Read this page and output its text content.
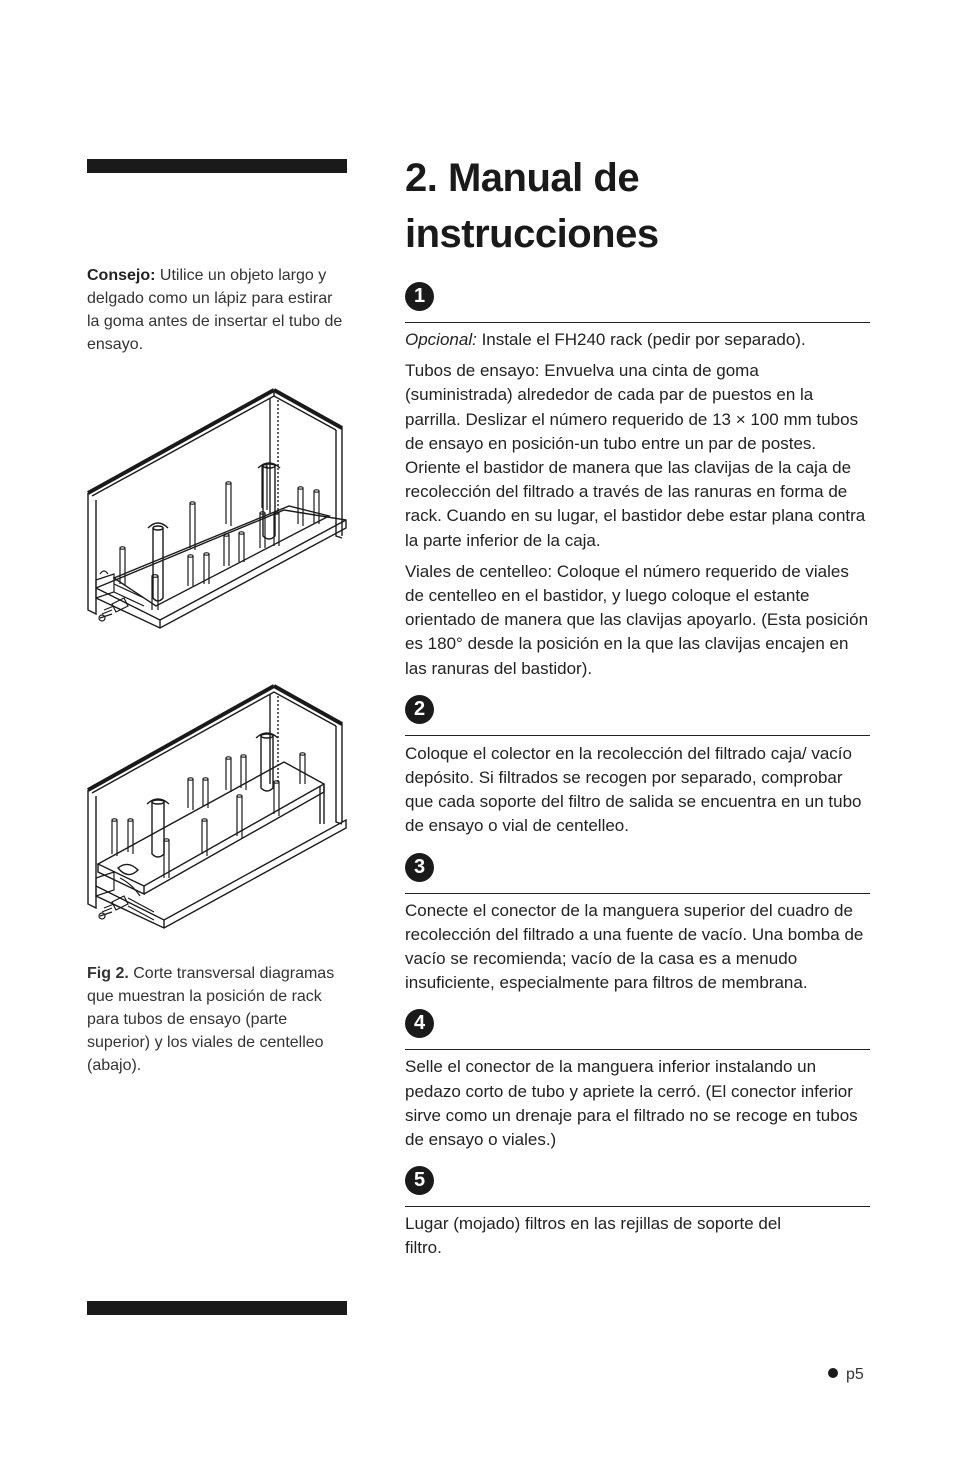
Consejo: Utilice un objeto largo y delgado como un lápiz para estirar la goma antes de insertar el tubo de ensayo.
Fig 2. Corte transversal diagramas que muestran la posición de rack para tubos de ensayo (parte superior) y los viales de centelleo (abajo).
2. Manual de instrucciones
1

Opcional: Instale el FH240 rack (pedir por separado).

Tubos de ensayo: Envuelva una cinta de goma (suministrada) alrededor de cada par de puestos en la parrilla. Deslizar el número requerido de 13 × 100 mm tubos de ensayo en posición-un tubo entre un par de postes. Oriente el bastidor de manera que las clavijas de la caja de recolección del filtrado a través de las ranuras en forma de rack. Cuando en su lugar, el bastidor debe estar plana contra la parte inferior de la caja.

Viales de centelleo: Coloque el número requerido de viales de centelleo en el bastidor, y luego coloque el estante orientado de manera que las clavijas apoyarlo. (Esta posición es 180° desde la posición en la que las clavijas encajen en las ranuras del bastidor).

2

Coloque el colector en la recolección del filtrado caja/ vacío depósito. Si filtrados se recogen por separado, comprobar que cada soporte del filtro de salida se encuentra en un tubo de ensayo o vial de centelleo.

3

Conecte el conector de la manguera superior del cuadro de recolección del filtrado a una fuente de vacío. Una bomba de vacío se recomienda; vacío de la casa es a menudo insuficiente, especialmente para filtros de membrana.

4

Selle el conector de la manguera inferior instalando un pedazo corto de tubo y apriete la cerró. (El conector inferior sirve como un drenaje para el filtrado no se recoge en tubos de ensayo o viales.)

5

Lugar (mojado) filtros en las rejillas de soporte del filtro.

p5
